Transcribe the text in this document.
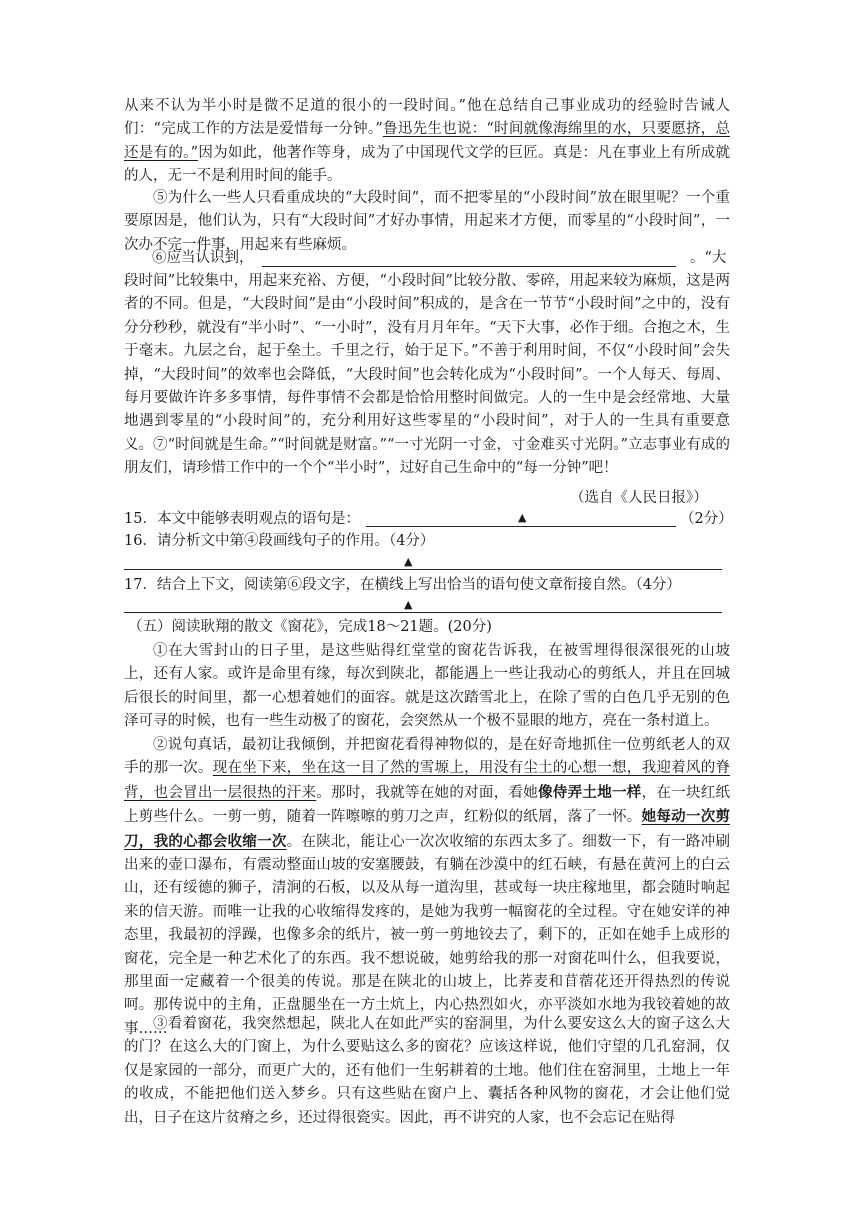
从来不认为半小时是微不足道的很小的一段时间。”他在总结自己事业成功的经验时告诫人们：“完成工作的方法是爱惜每一分钟。”鲁迅先生也说：“时间就像海绵里的水，只要愿挤，总还是有的。”因为如此，他著作等身，成为了中国现代文学的巨匠。真是：凡在事业上有所成就的人，无一不是利用时间的能手。

⑤为什么一些人只看重成块的“大段时间”，而不把零星的“小段时间”放在眼里呢？一个重要原因是，他们认为，只有“大段时间”才好办事情，用起来才方便，而零星的“小段时间”，一次办不完一件事，用起来有些麻烦。

⑥应当认识到，	。“大

段时间”比较集中，用起来充裕、方便，“小段时间”比较分散、零碎，用起来较为麻烦，这是两者的不同。但是，“大段时间”是由“小段时间”积成的，是含在一节节“小段时间”之中的，没有分分秒秒，就没有“半小时”、“一小时”，没有月月年年。“天下大事，必作于细。合抱之木，生于毫末。九层之台，起于垒土。千里之行，始于足下。”不善于利用时间，不仅“小段时间”会失掉，“大段时间”的效率也会降低，“大段时间”也会转化成为“小段时间”。一个人每天、每周、每月要做许许多多事情，每件事情不会都是恰恰用整时间做完。人的一生中是会经常地、大量地遇到零星的“小段时间”的，充分利用好这些零星的“小段时间”，对于人的一生具有重要意义。 ⑦“时间就是生命。”“时间就是财富。”“一寸光阴一寸金，寸金难买寸光阴。”立志事业有成的朋友们，请珍惜工作中的一个个“半小时”，过好自己生命中的“每一分钟”吧！

（选自《人民日报》）
15．本文中能够表明观点的语句是：	▲	（2分）
16．请分析文中第④段画线句子的作用。（4分）
▲
17．结合上下文，阅读第⑥段文字，在横线上写出恰当的语句使文章衔接自然。（4分）
▲
（五）阅读耿翔的散文《窗花》，完成18～21题。(20分)

①在大雪封山的日子里，是这些贴得红堂堂的窗花告诉我，在被雪埋得很深很死的山坡上，还有人家。或许是命里有缘，每次到陕北，都能遇上一些让我动心的剪纸人，并且在回城后很长的时间里，都一心想着她们的面容。就是这次踏雪北上，在除了雪的白色几乎无别的色泽可寻的时候，也有一些生动极了的窗花，会突然从一个极不显眼的地方，亮在一条村道上。

②说句真话，最初让我倾倒，并把窗花看得神物似的，是在好奇地抓住一位剪纸老人的双手的那一次。现在坐下来，坐在这一目了然的雪塬上，用没有尘土的心想一想，我迎着风的脊背，也会冒出一层很热的汗来。那时，我就等在她的对面，看她像侍弄土地一样，在一块红纸上剪些什么。一剪一剪，随着一阵嚓嚓的剪刀之声，红粉似的纸屑，落了一怀。她每动一次剪刀，我的心都会收缩一次。在陕北，能让心一次次收缩的东西太多了。细数一下，有一路冲刷出来的壶口瀑布，有震动整面山坡的安塞腰鼓，有躺在沙漠中的红石峡，有悬在黄河上的白云山，还有绥德的狮子，清涧的石板，以及从每一道沟里，甚或每一块庄稼地里，都会随时响起来的信天游。而唯一让我的心收缩得发疼的，是她为我剪一幅窗花的全过程。守在她安详的神态里，我最初的浮躁，也像多余的纸片，被一剪一剪地铰去了，剩下的，正如在她手上成形的窗花，完全是一种艺术化了的东西。我不想说破，她剪给我的那一对窗花叫什么，但我要说，那里面一定藏着一个很美的传说。那是在陕北的山坡上，比荞麦和苜蓿花还开得热烈的传说呵。那传说中的主角，正盘腿坐在一方土炕上，内心热烈如火，亦平淡如水地为我铰着她的故事……

③看着窗花，我突然想起，陕北人在如此严实的窑洞里，为什么要安这么大的窗子这么大的门？在这么大的门窗上，为什么要贴这么多的窗花？应该这样说，他们守望的几孔窑洞，仅仅是家园的一部分，而更广大的，还有他们一生躬耕着的土地。他们住在窑洞里，土地上一年的收成，不能把他们送入梦乡。只有这些贴在窗户上、囊括各种风物的窗花，才会让他们觉出，日子在这片贫瘠之乡，还过得很瓷实。因此，再不讲究的人家，也不会忘记在贴得
